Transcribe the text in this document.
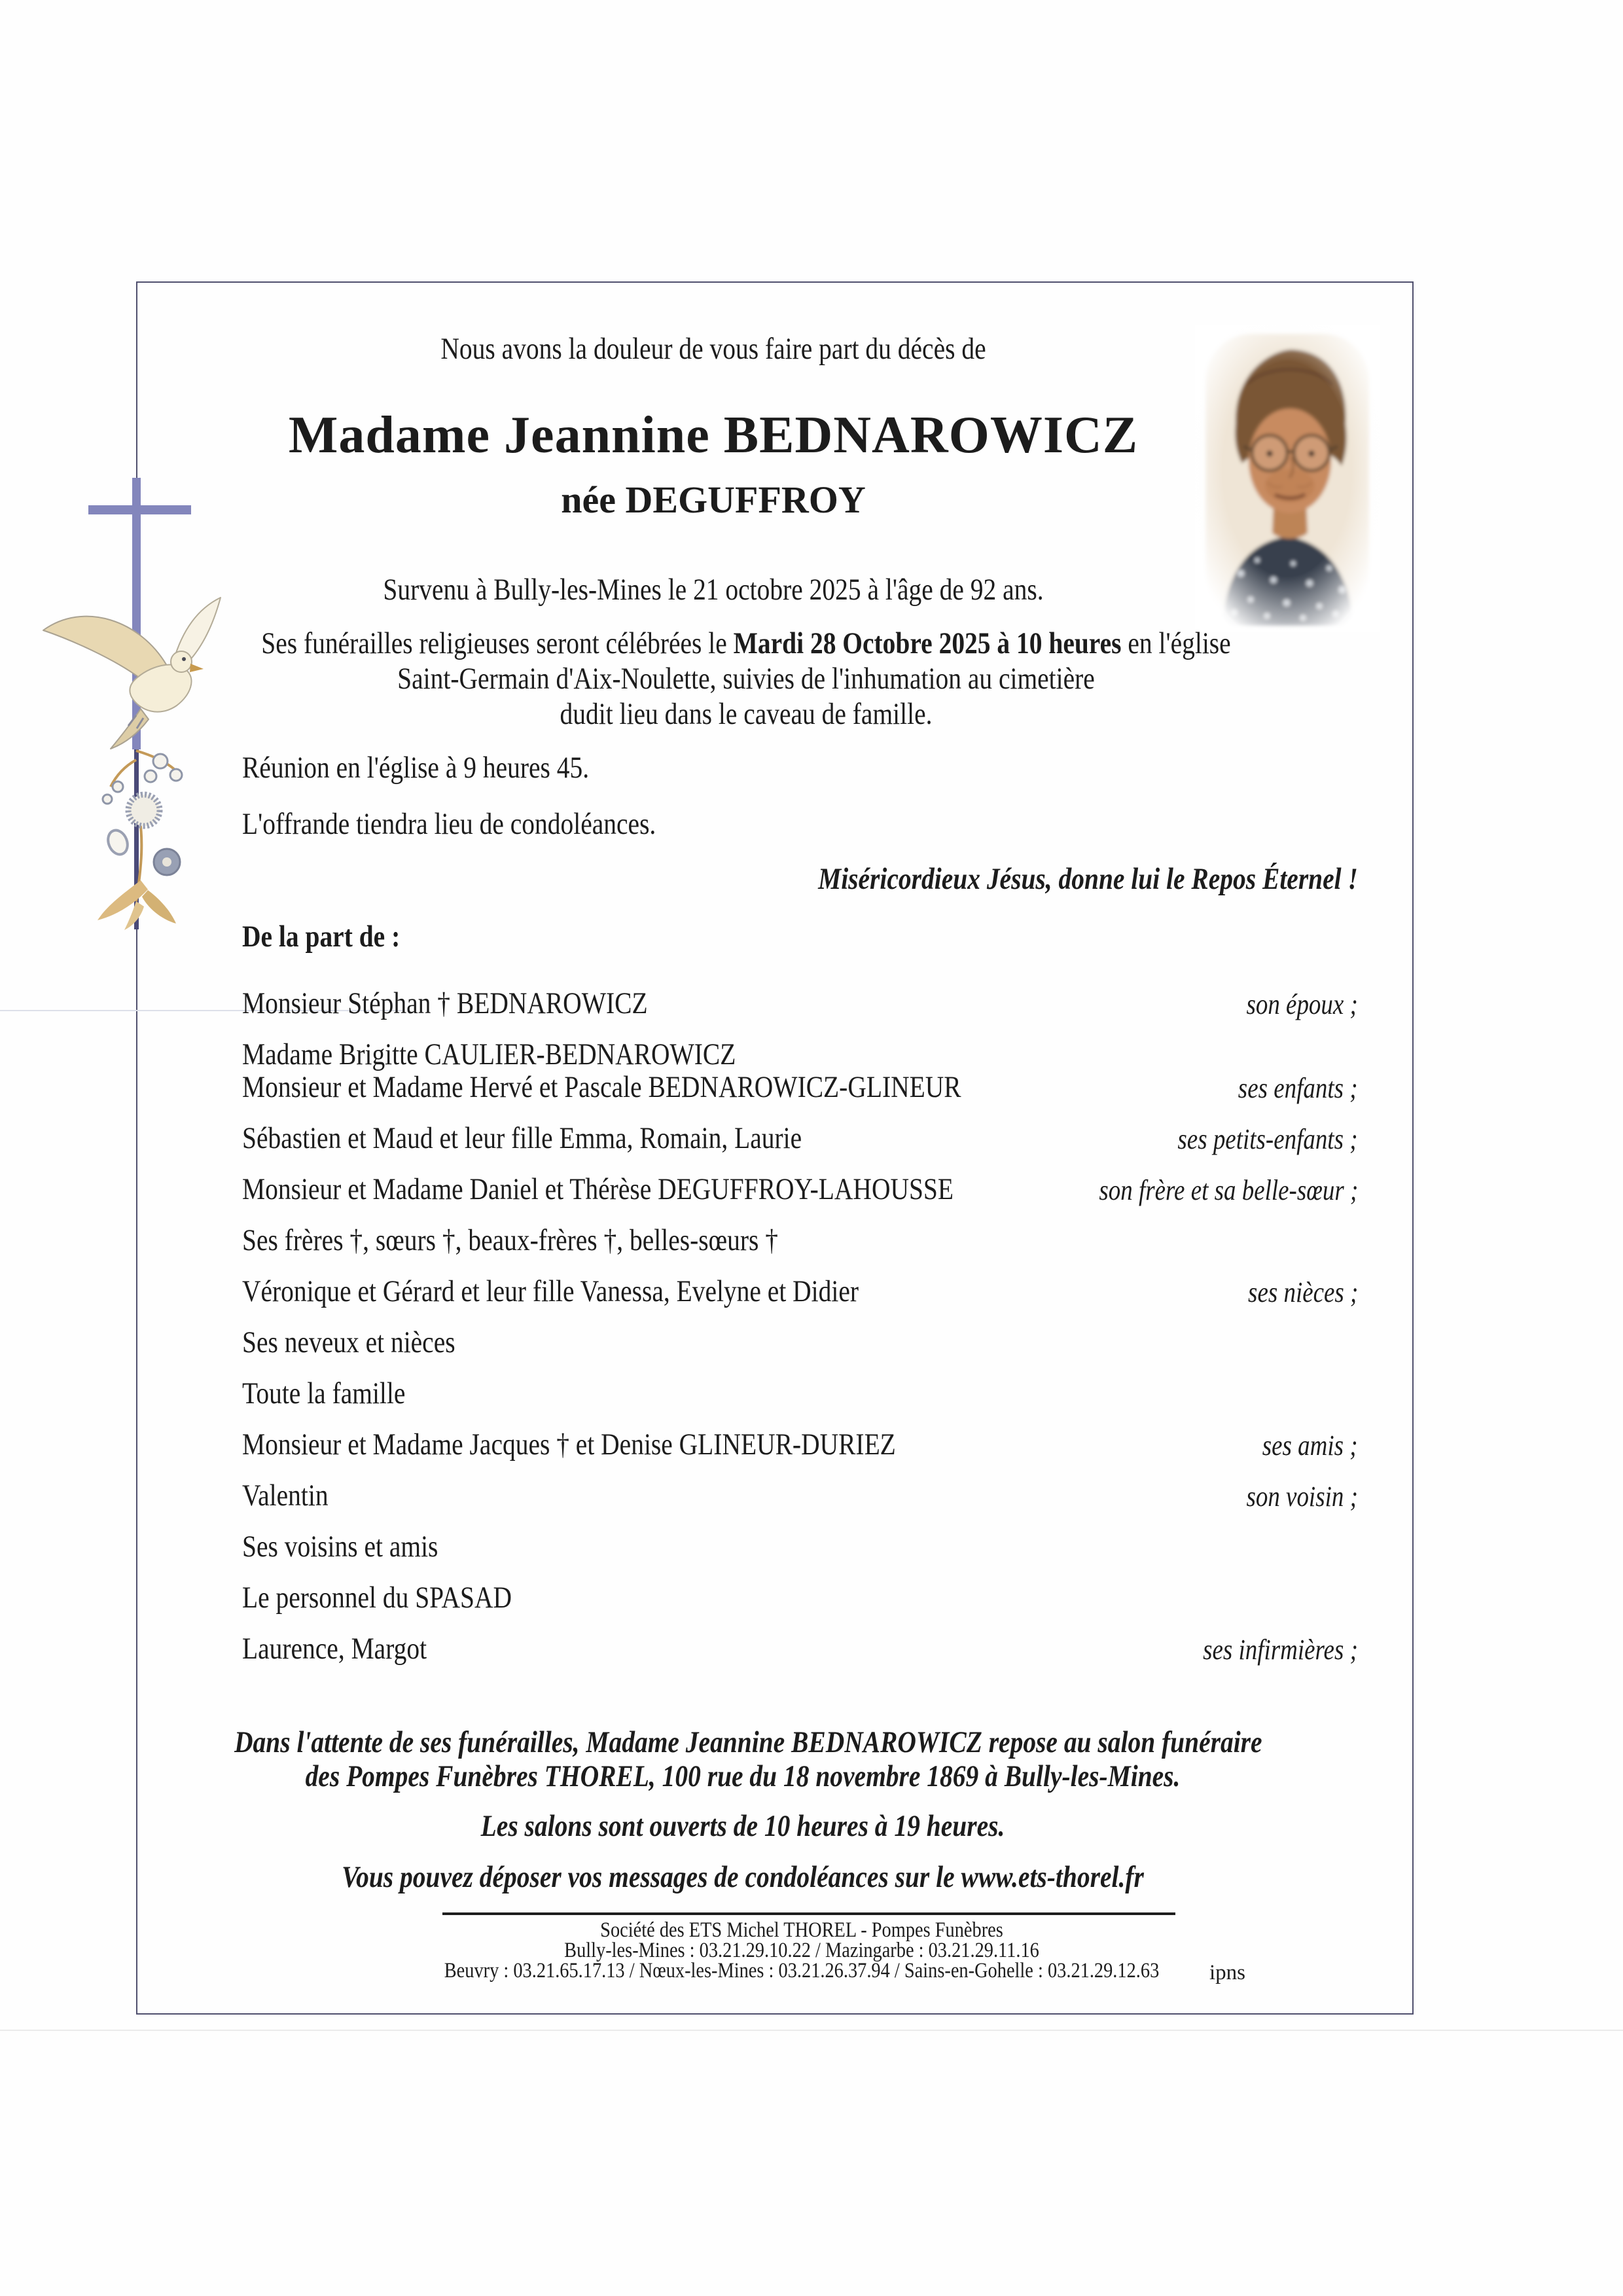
Nous avons la douleur de vous faire part du décès de
Madame Jeannine BEDNAROWICZ
née DEGUFFROY
Survenu à Bully-les-Mines le 21 octobre 2025 à l'âge de 92 ans.
Ses funérailles religieuses seront célébrées le Mardi 28 Octobre 2025 à 10 heures en l'église
Saint-Germain d'Aix-Noulette, suivies de l'inhumation au cimetière
dudit lieu dans le caveau de famille.
Réunion en l'église à 9 heures 45.
L'offrande tiendra lieu de condoléances.
Miséricordieux Jésus, donne lui le Repos Éternel !
De la part de :
Monsieur Stéphan † BEDNAROWICZ	son époux ;
Madame Brigitte CAULIER-BEDNAROWICZ
Monsieur et Madame Hervé et Pascale BEDNAROWICZ-GLINEUR	ses enfants ;
Sébastien et Maud et leur fille Emma, Romain, Laurie	ses petits-enfants ;
Monsieur et Madame Daniel et Thérèse DEGUFFROY-LAHOUSSE	son frère et sa belle-sœur ;
Ses frères †, sœurs †, beaux-frères †, belles-sœurs †
Véronique et Gérard et leur fille Vanessa, Evelyne et Didier	ses nièces ;
Ses neveux et nièces
Toute la famille
Monsieur et Madame Jacques † et Denise GLINEUR-DURIEZ	ses amis ;
Valentin	son voisin ;
Ses voisins et amis
Le personnel du SPASAD
Laurence, Margot	ses infirmières ;
Dans l'attente de ses funérailles, Madame Jeannine BEDNAROWICZ repose au salon funéraire
des Pompes Funèbres THOREL, 100 rue du 18 novembre 1869 à Bully-les-Mines.
Les salons sont ouverts de 10 heures à 19 heures.
Vous pouvez déposer vos messages de condoléances sur le www.ets-thorel.fr
Société des ETS Michel THOREL - Pompes Funèbres
Bully-les-Mines : 03.21.29.10.22 / Mazingarbe : 03.21.29.11.16
Beuvry : 03.21.65.17.13 / Nœux-les-Mines : 03.21.26.37.94 / Sains-en-Gohelle : 03.21.29.12.63 ipns
